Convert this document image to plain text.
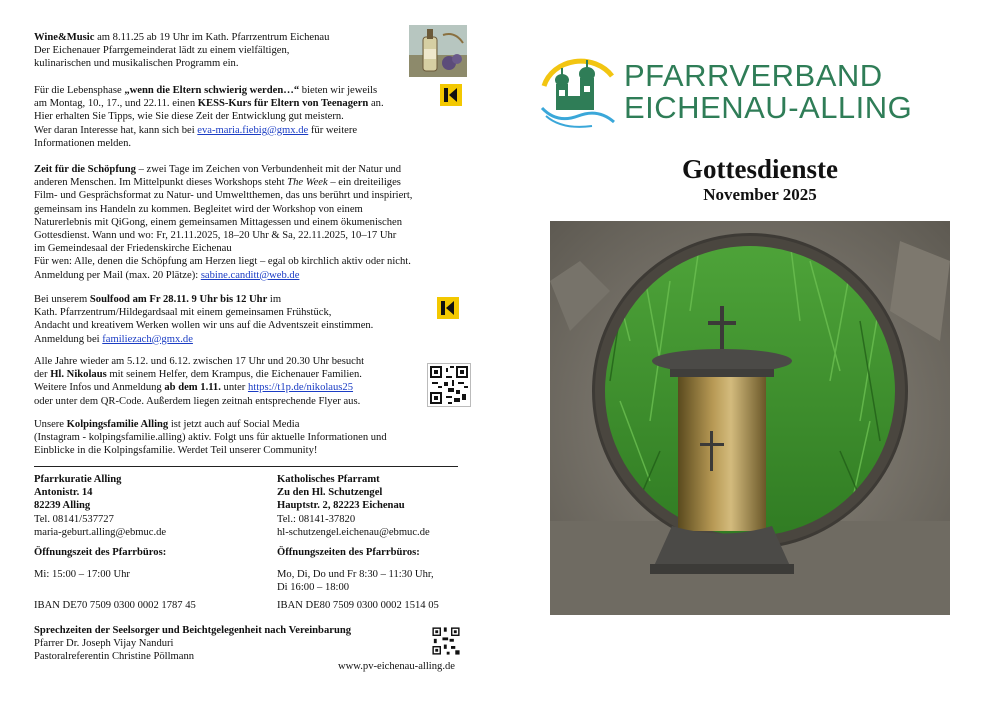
Wine&Music am 8.11.25 ab 19 Uhr im Kath. Pfarrzentrum Eichenau

Der Eichenauer Pfarrgemeinderat lädt zu einem vielfältigen,

kulinarischen und musikalischen Programm ein.

Für die Lebensphase „wenn die Eltern schwierig werden…“ bieten wir jeweils

am Montag, 10., 17., und 22.11. einen KESS-Kurs für Eltern von Teenagern an.

Hier erhalten Sie Tipps, wie Sie diese Zeit der Entwicklung gut meistern.

Wer daran Interesse hat, kann sich bei eva-maria.fiebig@gmx.de für weitere

Informationen melden.

Zeit für die Schöpfung – zwei Tage im Zeichen von Verbundenheit mit der Natur und

anderen Menschen. Im Mittelpunkt dieses Workshops steht The Week – ein dreiteiliges

Film- und Gesprächsformat zu Natur- und Umweltthemen, das uns berührt und inspiriert,

gemeinsam ins Handeln zu kommen. Begleitet wird der Workshop von einem

Naturerlebnis mit QiGong, einem gemeinsamen Mittagessen und einem ökumenischen

Gottesdienst. Wann und wo: Fr, 21.11.2025, 18–20 Uhr & Sa, 22.11.2025, 10–17 Uhr

im Gemeindesaal der Friedenskirche Eichenau

Für wen: Alle, denen die Schöpfung am Herzen liegt – egal ob kirchlich aktiv oder nicht.

Anmeldung per Mail (max. 20 Plätze): sabine.canditt@web.de

Bei unserem Soulfood am Fr 28.11. 9 Uhr bis 12 Uhr im

Kath. Pfarrzentrum/Hildegardsaal mit einem gemeinsamen Frühstück,

Andacht und kreativem Werken wollen wir uns auf die Adventszeit einstimmen.

Anmeldung bei familiezach@gmx.de

Alle Jahre wieder am 5.12. und 6.12. zwischen 17 Uhr und 20.30 Uhr besucht

der Hl. Nikolaus mit seinem Helfer, dem Krampus, die Eichenauer Familien.

Weitere Infos und Anmeldung ab dem 1.11. unter https://t1p.de/nikolaus25

oder unter dem QR-Code. Außerdem liegen zeitnah entsprechende Flyer aus.

Unsere Kolpingsfamilie Alling ist jetzt auch auf Social Media

(Instagram - kolpingsfamilie.alling) aktiv. Folgt uns für aktuelle Informationen und

Einblicke in die Kolpingsfamilie. Werdet Teil unserer Community!

Pfarrkuratie Alling

Antonistr. 14

82239 Alling

Tel. 08141/537727

maria-geburt.alling@ebmuc.de

Öffnungszeit des Pfarrbüros:

Mi: 15:00 – 17:00 Uhr

IBAN DE70 7509 0300 0002 1787 45

Katholisches Pfarramt

Zu den Hl. Schutzengel

Hauptstr. 2, 82223 Eichenau

Tel.: 08141-37820

hl-schutzengel.eichenau@ebmuc.de

Öffnungszeiten des Pfarrbüros:

Mo, Di, Do und Fr 8:30 – 11:30 Uhr,

Di 16:00 – 18:00

IBAN DE80 7509 0300 0002 1514 05

Sprechzeiten der Seelsorger und Beichtgelegenheit nach Vereinbarung

Pfarrer Dr. Joseph Vijay Nanduri

Pastoralreferentin Christine Pöllmann

www.pv-eichenau-alling.de

PFARRVERBAND
EICHENAU-ALLING
Gottesdienste
November 2025
